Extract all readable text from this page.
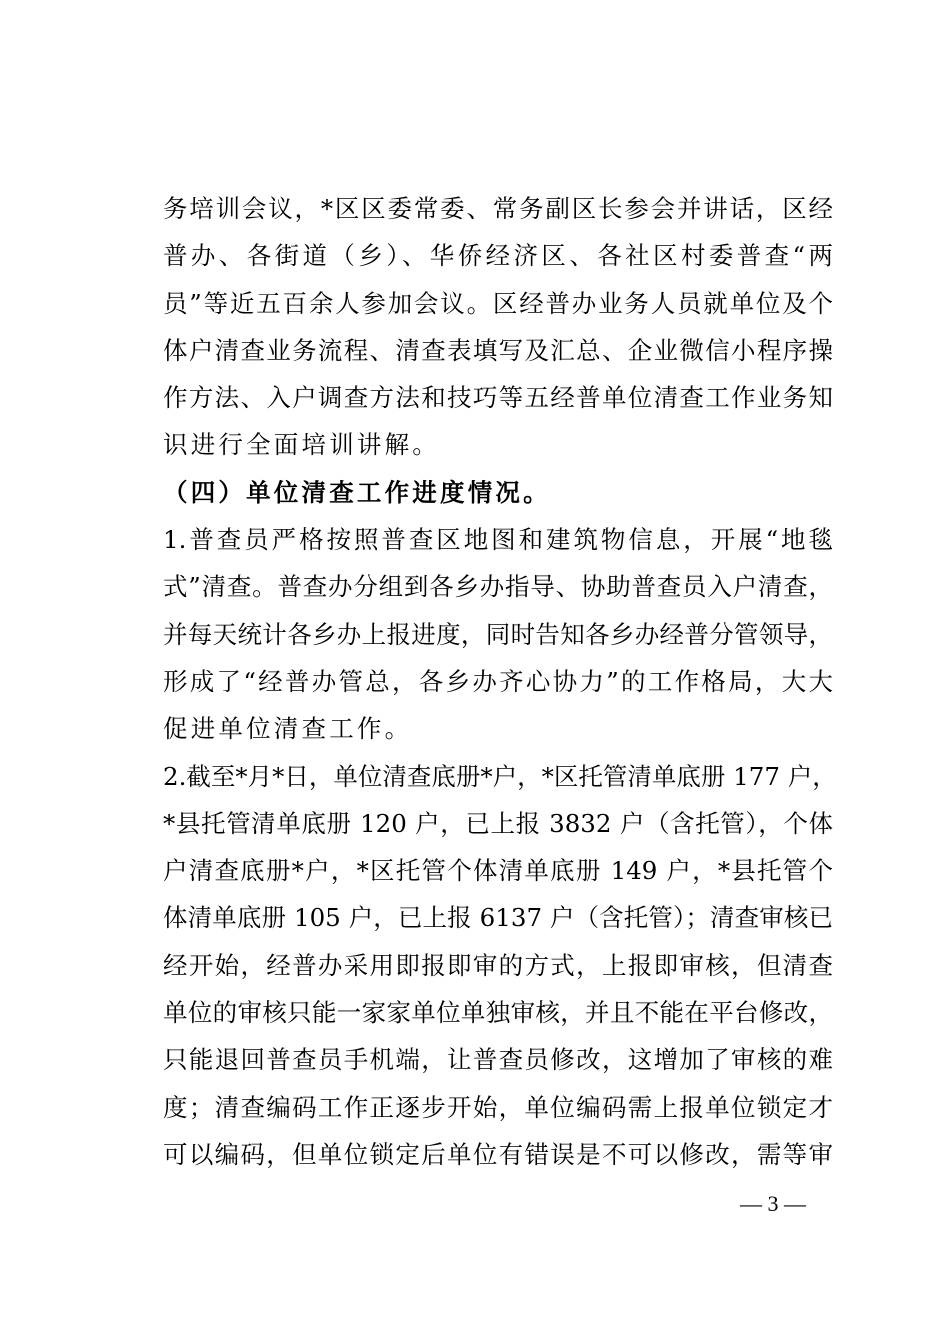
务培训会议，*区区委常委、常务副区长参会并讲话，区经
普办、各街道（乡）、华侨经济区、各社区村委普查“两
员”等近五百余人参加会议。区经普办业务人员就单位及个
体户清查业务流程、清查表填写及汇总、企业微信小程序操
作方法、入户调查方法和技巧等五经普单位清查工作业务知
识进行全面培训讲解。
（四）单位清查工作进度情况。
1.普查员严格按照普查区地图和建筑物信息，开展“地毯
式”清查。普查办分组到各乡办指导、协助普查员入户清查，
并每天统计各乡办上报进度，同时告知各乡办经普分管领导，
形成了“经普办管总，各乡办齐心协力”的工作格局，大大
促进单位清查工作。
2.截至*月*日，单位清查底册*户，*区托管清单底册 177 户，
*县托管清单底册 120 户，已上报 3832 户（含托管），个体
户清查底册*户，*区托管个体清单底册 149 户，*县托管个
体清单底册 105 户，已上报 6137 户（含托管）；清查审核已
经开始，经普办采用即报即审的方式，上报即审核，但清查
单位的审核只能一家家单位单独审核，并且不能在平台修改，
只能退回普查员手机端，让普查员修改，这增加了审核的难
度；清查编码工作正逐步开始，单位编码需上报单位锁定才
可以编码，但单位锁定后单位有错误是不可以修改，需等审
— 3 —
